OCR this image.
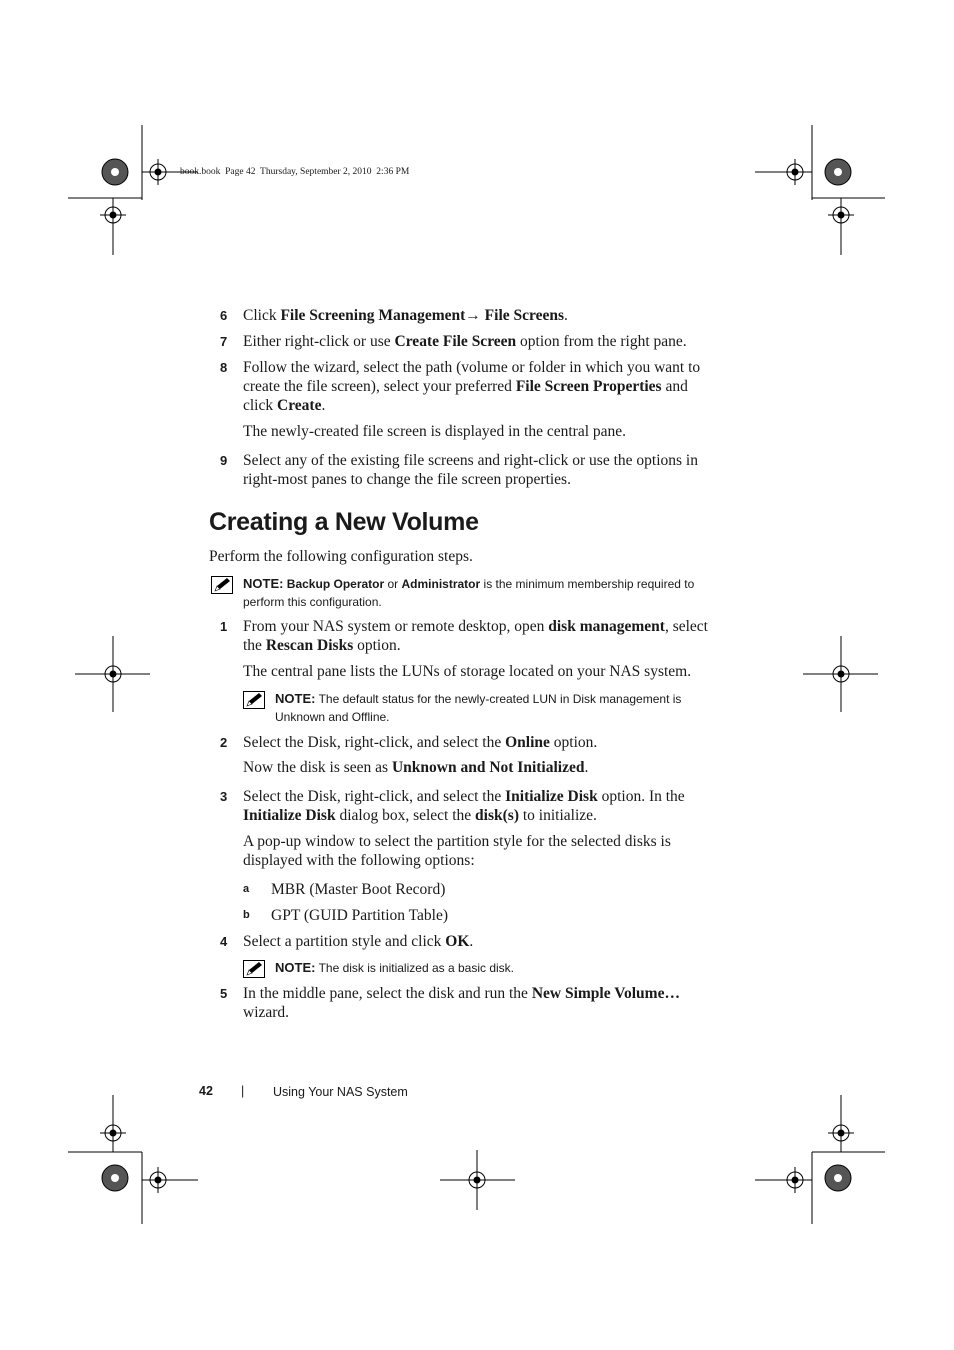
book.book  Page 42  Thursday, September 2, 2010  2:36 PM
6 Click File Screening Management→ File Screens.
7 Either right-click or use Create File Screen option from the right pane.
8 Follow the wizard, select the path (volume or folder in which you want to
create the file screen), select your preferred File Screen Properties and
click Create.
The newly-created file screen is displayed in the central pane.
9 Select any of the existing file screens and right-click or use the options in
right-most panes to change the file screen properties.
Creating a New Volume
Perform the following configuration steps.
NOTE: Backup Operator or Administrator is the minimum membership required to
perform this configuration.
1 From your NAS system or remote desktop, open disk management, select
the Rescan Disks option.
The central pane lists the LUNs of storage located on your NAS system.
NOTE: The default status for the newly-created LUN in Disk management is
Unknown and Offline.
2 Select the Disk, right-click, and select the Online option.
Now the disk is seen as Unknown and Not Initialized.
3 Select the Disk, right-click, and select the Initialize Disk option. In the
Initialize Disk dialog box, select the disk(s) to initialize.
A pop-up window to select the partition style for the selected disks is
displayed with the following options:
a MBR (Master Boot Record)
b GPT (GUID Partition Table)
4 Select a partition style and click OK.
NOTE: The disk is initialized as a basic disk.
5 In the middle pane, select the disk and run the New Simple Volume…
wizard.
42 | Using Your NAS System
